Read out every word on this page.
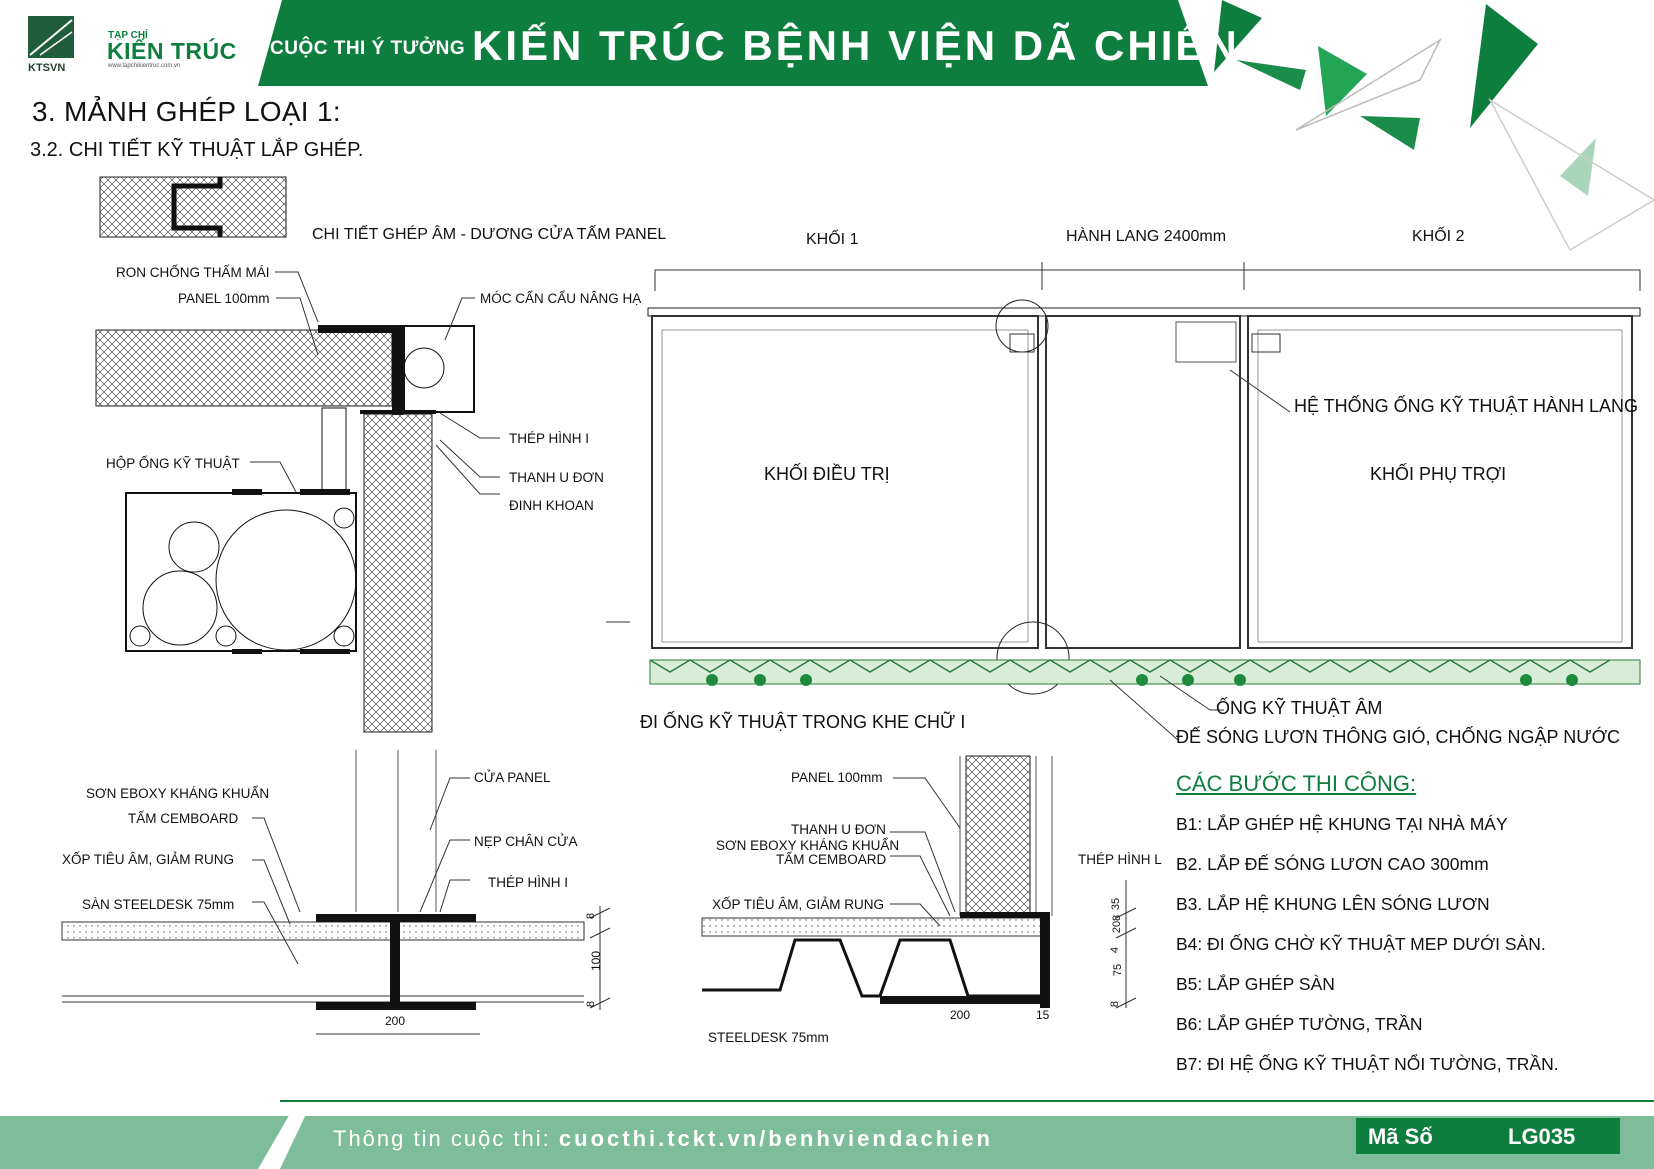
KTSVN
TẠP CHÍ
KIẾN TRÚC
www.tapchikientruc.com.vn
CUỘC THI Ý TƯỞNG KIẾN TRÚC BỆNH VIỆN DÃ CHIẾN
3. MẢNH GHÉP LOẠI 1:
3.2. CHI TIẾT KỸ THUẬT LẮP GHÉP.
CHI TIẾT GHÉP ÂM - DƯƠNG CỬA TẤM PANEL
RON CHỐNG THẤM MÁI
PANEL 100mm	MÓC CẨN CẨU NÂNG HẠ
THÉP HÌNH I
HỘP ỐNG KỸ THUẬT
THANH U ĐƠN
ĐINH KHOAN
KHỐI 1	HÀNH LANG 2400mm	KHỐI 2
HỆ THỐNG ỐNG KỸ THUẬT HÀNH LANG
KHỐI ĐIỀU TRỊ	KHỐI PHỤ TRỢI
ĐI ỐNG KỸ THUẬT TRONG KHE CHỮ I
ỐNG KỸ THUẬT ÂM
ĐẾ SÓNG LƯƠN THÔNG GIÓ, CHỐNG NGẬP NƯỚC
SƠN EBOXY KHÁNG KHUẨN
TẤM CEMBOARD
XỐP TIÊU ÂM, GIẢM RUNG
SÀN STEELDESK 75mm
CỬA PANEL
NẸP CHÂN CỬA
THÉP HÌNH I
8
100
8
200
PANEL 100mm
THANH U ĐƠN
SƠN EBOXY KHÁNG KHUẨN
TẤM CEMBOARD
XỐP TIÊU ÂM, GIẢM RUNG
THÉP HÌNH L
STEELDESK 75mm
8
75
4
208
35
200	15
CÁC BƯỚC THI CÔNG:
B1: LẮP GHÉP HỆ KHUNG TẠI NHÀ MÁY
B2. LẮP ĐẾ SÓNG LƯƠN CAO 300mm
B3. LẮP HỆ KHUNG LÊN SÓNG LƯƠN
B4: ĐI ỐNG CHỜ KỸ THUẬT MEP DƯỚI SÀN.
B5: LẮP GHÉP SÀN
B6: LẮP GHÉP TƯỜNG, TRẦN
B7: ĐI HỆ ỐNG KỸ THUẬT NỔI TƯỜNG, TRẦN.
Thông tin cuộc thi: cuocthi.tckt.vn/benhviendachien	Mã Số	LG035
